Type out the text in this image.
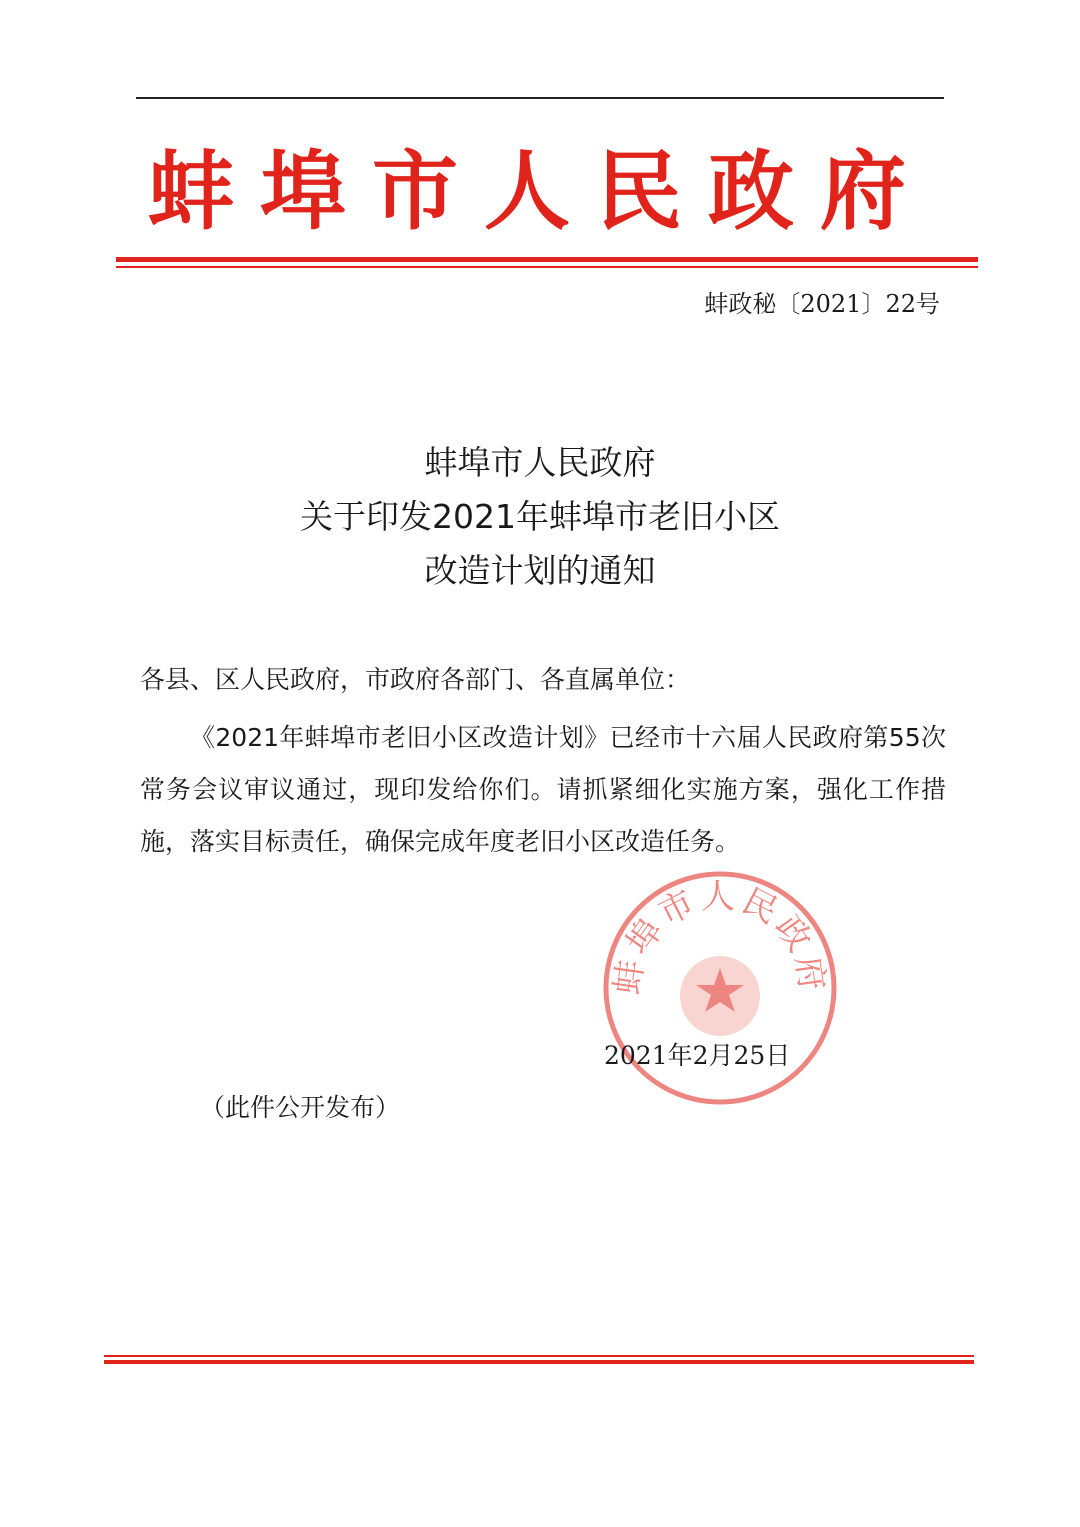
蚌埠市人民政府
蚌政秘〔2021〕22号
蚌埠市人民政府
关于印发2021年蚌埠市老旧小区
改造计划的通知
各县、区人民政府，市政府各部门、各直属单位：
《2021年蚌埠市老旧小区改造计划》已经市十六届人民政府第55次常务会议审议通过，现印发给你们。请抓紧细化实施方案，强化工作措施，落实目标责任，确保完成年度老旧小区改造任务。
蚌埠市人民政府
2021年2月25日
（此件公开发布）
